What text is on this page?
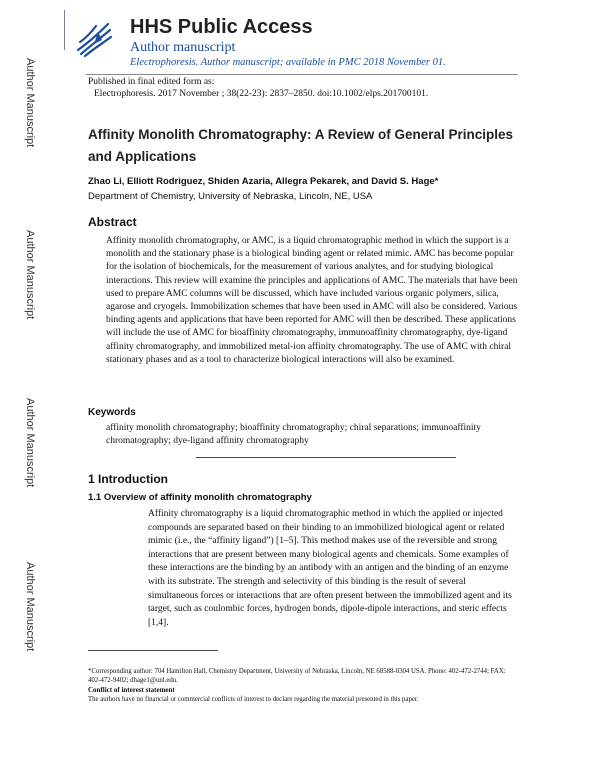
Author Manuscript
Author Manuscript
Author Manuscript
Author Manuscript
HHS Public Access
Author manuscript
Electrophoresis. Author manuscript; available in PMC 2018 November 01.
Published in final edited form as:
Electrophoresis. 2017 November ; 38(22-23): 2837–2850. doi:10.1002/elps.201700101.
Affinity Monolith Chromatography: A Review of General Principles and Applications
Zhao Li, Elliott Rodriguez, Shiden Azaria, Allegra Pekarek, and David S. Hage*
Department of Chemistry, University of Nebraska, Lincoln, NE, USA
Abstract
Affinity monolith chromatography, or AMC, is a liquid chromatographic method in which the support is a monolith and the stationary phase is a biological binding agent or related mimic. AMC has become popular for the isolation of biochemicals, for the measurement of various analytes, and for studying biological interactions. This review will examine the principles and applications of AMC. The materials that have been used to prepare AMC columns will be discussed, which have included various organic polymers, silica, agarose and cryogels. Immobilization schemes that have been used in AMC will also be considered. Various binding agents and applications that have been reported for AMC will then be described. These applications will include the use of AMC for bioaffinity chromatography, immunoaffinity chromatography, dye-ligand affinity chromatography, and immobilized metal-ion affinity chromatography. The use of AMC with chiral stationary phases and as a tool to characterize biological interactions will also be examined.
Keywords
affinity monolith chromatography; bioaffinity chromatography; chiral separations; immunoaffinity chromatography; dye-ligand affinity chromatography
1 Introduction
1.1 Overview of affinity monolith chromatography
Affinity chromatography is a liquid chromatographic method in which the applied or injected compounds are separated based on their binding to an immobilized biological agent or related mimic (i.e., the “affinity ligand”) [1–5]. This method makes use of the reversible and strong interactions that are present between many biological agents and chemicals. Some examples of these interactions are the binding by an antibody with an antigen and the binding of an enzyme with its substrate. The strength and selectivity of this binding is the result of several simultaneous forces or interactions that are often present between the immobilized agent and its target, such as coulombic forces, hydrogen bonds, dipole-dipole interactions, and steric effects [1,4].
*Corresponding author: 704 Hamilton Hall, Chemistry Department, University of Nebraska, Lincoln, NE 68588-0304 USA. Phone: 402-472-2744; FAX: 402-472-9402; dhage1@unl.edu.
Conflict of interest statement
The authors have no financial or commercial conflicts of interest to declare regarding the material presented in this paper.
